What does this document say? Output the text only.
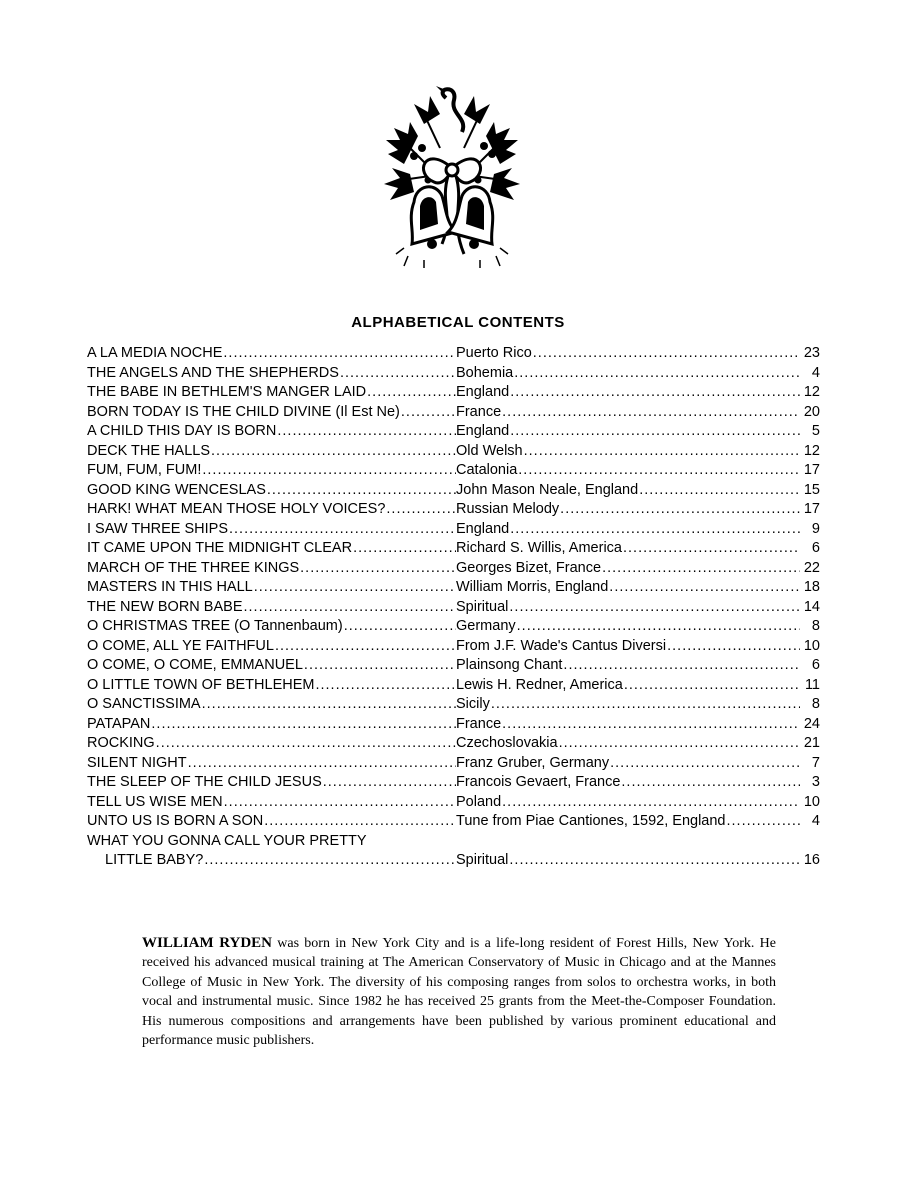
ALPHABETICAL CONTENTS
A LA MEDIA NOCHE .....	Puerto Rico .....	23
THE ANGELS AND THE SHEPHERDS .....	Bohemia .....	4
THE BABE IN BETHLEM'S MANGER LAID .....	England .....	12
BORN TODAY IS THE CHILD DIVINE (Il Est Ne) .....	France .....	20
A CHILD THIS DAY IS BORN .....	England .....	5
DECK THE HALLS .....	Old Welsh .....	12
FUM, FUM, FUM! .....	Catalonia .....	17
GOOD KING WENCESLAS .....	John Mason Neale, England .....	15
HARK! WHAT MEAN THOSE HOLY VOICES? .....	Russian Melody .....	17
I SAW THREE SHIPS .....	England .....	9
IT CAME UPON THE MIDNIGHT CLEAR .....	Richard S. Willis, America .....	6
MARCH OF THE THREE KINGS .....	Georges Bizet, France .....	22
MASTERS IN THIS HALL .....	William Morris, England .....	18
THE NEW BORN BABE .....	Spiritual .....	14
O CHRISTMAS TREE (O Tannenbaum) .....	Germany .....	8
O COME, ALL YE FAITHFUL .....	From J.F. Wade's Cantus Diversi .....	10
O COME, O COME, EMMANUEL .....	Plainsong Chant .....	6
O LITTLE TOWN OF BETHLEHEM .....	Lewis H. Redner, America .....	11
O SANCTISSIMA .....	Sicily .....	8
PATAPAN .....	France .....	24
ROCKING .....	Czechoslovakia .....	21
SILENT NIGHT .....	Franz Gruber, Germany .....	7
THE SLEEP OF THE CHILD JESUS .....	Francois Gevaert, France .....	3
TELL US WISE MEN .....	Poland .....	10
UNTO US IS BORN A SON .....	Tune from Piae Cantiones, 1592, England .....	4
WHAT YOU GONNA CALL YOUR PRETTY
LITTLE BABY? .....	Spiritual .....	16
WILLIAM RYDEN was born in New York City and is a life-long resident of Forest Hills, New York. He received his advanced musical training at The American Conservatory of Music in Chicago and at the Mannes College of Music in New York. The diversity of his composing ranges from solos to orchestra works, in both vocal and instrumental music. Since 1982 he has received 25 grants from the Meet-the-Composer Foundation. His numerous compositions and arrangements have been published by various prominent educational and performance music publishers.
